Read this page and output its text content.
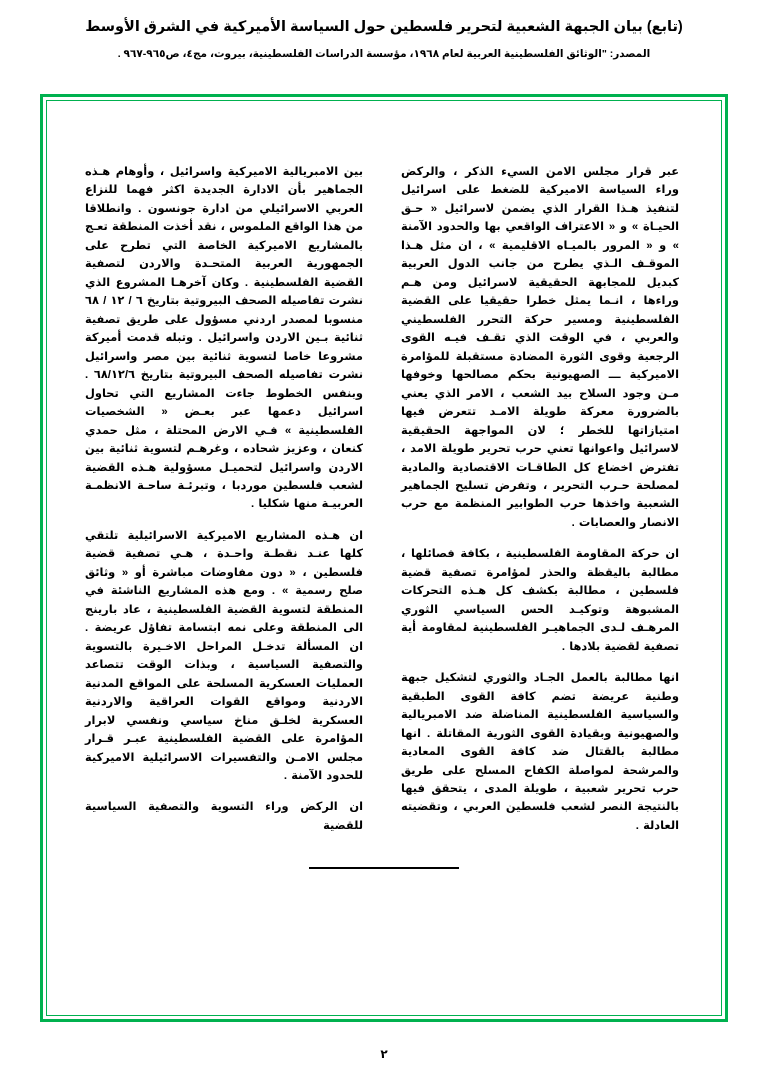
(تابع) بيان الجبهة الشعبية لتحرير فلسطين حول السياسة الأميركية في الشرق الأوسط
المصدر: "الوثائق الفلسطينية العربية لعام ١٩٦٨، مؤسسة الدراسات الفلسطينية، بيروت، مج٤، ص٩٦٥-٩٦٧ .

عبر قرار مجلس الامن السيء الذكر ، والركض وراء السياسة الاميركية للضغط على اسرائيل لتنفيذ هـذا القرار الذي يضمن لاسرائيل « حـق الحيـاة » و « الاعتراف الواقعي بها والحدود الآمنة » و « المرور بالميـاه الاقليمية » ، ان مثل هـذا الموقـف الـذي يطرح من جانب الدول العربية كبديل للمجابهة الحقيقية لاسرائيل ومن هـم وراءها ، انـما يمثل خطرا حقيقيا على القضية الفلسطينية ومسير حركة التحرر الفلسطيني والعربي ، في الوقت الذي تقـف فيـه القوى الرجعية وقوى الثورة المضادة مستقبلة للمؤامرة الاميركية ـــ الصهيونية بحكم مصالحها وخوفها مـن وجود السلاح بيد الشعب ، الامر الذي يعني بالضرورة معركة طويلة الامـد تتعرض فيها امتيازاتها للخطر ؛ لان المواجهة الحقيقية لاسرائيل واعوانها تعني حرب تحرير طويلة الامد ، تفترض اخضاع كل الطاقـات الاقتصادية والمادية لمصلحة حـرب التحرير ، وتفرض تسليح الجماهير الشعبية واخذها حرب الطوابير المنظمة مع حرب الانصار والعصابات .

ان حركة المقاومة الفلسطينية ، بكافة فصائلها ، مطالبة باليقظة والحذر لمؤامرة تصفية قضية فلسطين ، مطالبة بكشف كل هـذه التحركات المشبوهة وتوكيـد الحس السياسي الثوري المرهـف لـدى الجماهيـر الفلسطينية لمقاومة أية تصفية لقضية بلادها .

انها مطالبة بالعمل الجـاد والثوري لتشكيل جبهة وطنية عريضة تضم كافة القوى الطبقية والسياسية الفلسطينية المناضلة ضد الامبريالية والصهيونية وبقيادة القوى الثورية المقاتلة . انها مطالبة بالقتال ضد كافة القوى المعادية والمرشحة لمواصلة الكفاح المسلح على طريق حرب تحرير شعبية ، طويلة المدى ، يتحقق فيها بالنتيجة النصر لشعب فلسطين العربي ، وتقضيته العادلة .

بين الامبريالية الاميركية واسرائيل ، وأوهام هـذه الجماهير بأن الادارة الجديدة اكثر فهما للنزاع العربي الاسرائيلي من ادارة جونسون . وانطلاقا من هذا الواقع الملموس ، نقد أخذت المنطقة تعـج بالمشاريع الاميركية الخاصة التي تطرح على الجمهورية العربية المتحـدة والاردن لتصفية القضية الفلسطينية . وكان آخرهـا المشروع الذي نشرت تفاصيله الصحف البيروتية بتاريخ ٦ / ١٢ / ٦٨ منسوبا لمصدر اردني مسؤول على طريق تصفية ثنائية بـين الاردن واسرائيل . وتبله قدمت أميركة مشروعا خاصا لتسوية ثنائية بين مصر واسرائيل نشرت تفاصيله الصحف البيروتية بتاريخ ٦٨/١٢/٦ . وبنفس الخطوط جاءت المشاريع التي تحاول اسرائيل دعمها عبر بعـض « الشخصيات الفلسطينية » فـي الارض المحتلة ، مثل حمدي كنعان ، وعزيز شحاده ، وغرهـم لتسوية ثنائية بين الاردن واسرائيل لتحميـل مسؤولية هـذه القضية لشعب فلسطين موردبا ، وتبرئـة ساحـة الانظمـة العربيـة منها شكليا .

ان هـذه المشاريع الاميركية الاسرائيلية تلتقي كلها عنـد نقطـة واحـدة ، هـي تصفية قضية فلسطين ، « دون مفاوضات مباشرة أو « وثائق صلح رسمية » . ومع هذه المشاريع الناشئة في المنطقة لتسوية القضية الفلسطينية ، عاد بارينج الى المنطقة وعلى نمه ابتسامة تفاؤل عريضة . ان المسألة تدخـل المراحل الاخـيرة بالتسوية والتصفية السياسية ، وبذات الوقت تتصاعد العمليات العسكرية المسلحة على المواقع المدنية الاردنية ومواقع القوات العراقية والاردنية العسكرية لخلـق مناخ سياسي ونفسي لابرار المؤامرة على القضية الفلسطينية عبـر قـرار مجلس الامـن والتفسيرات الاسرائيلية الاميركية للحدود الآمنة .

ان الركض وراء التسوية والتصفية السياسية للقضية

٢
